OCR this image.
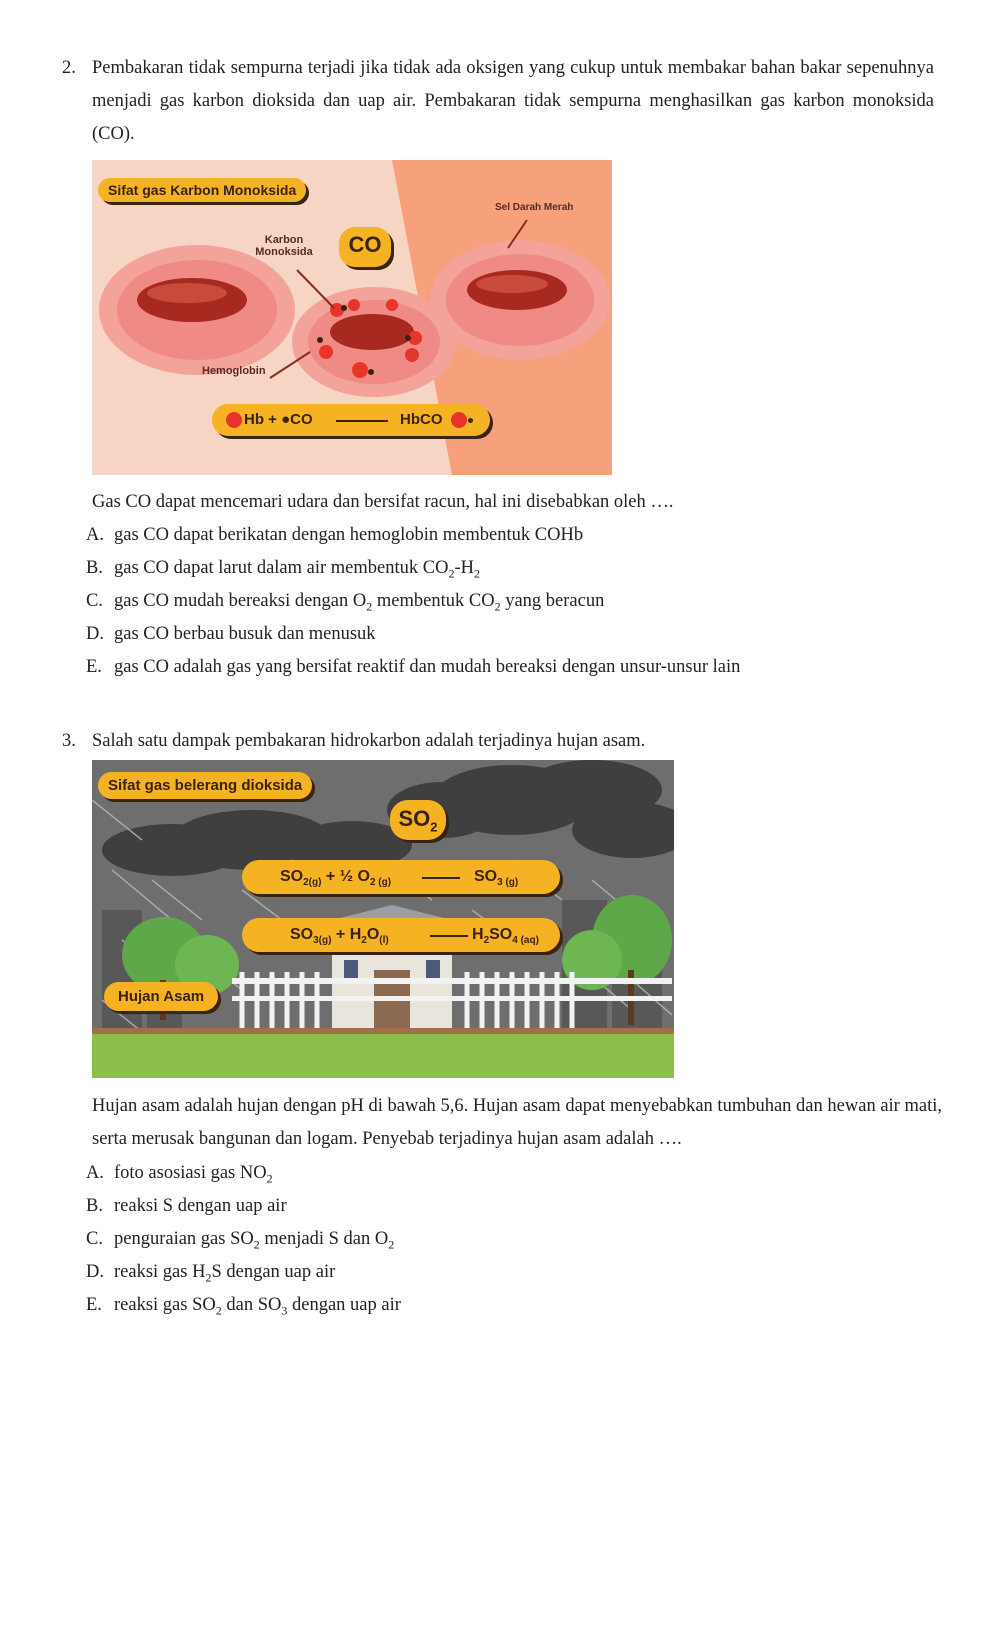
2. Pembakaran tidak sempurna terjadi jika tidak ada oksigen yang cukup untuk membakar bahan bakar sepenuhnya menjadi gas karbon dioksida dan uap air. Pembakaran tidak sempurna menghasilkan gas karbon monoksida (CO).
Sifat gas Karbon Monoksida
Sel Darah Merah
Karbon
Monoksida	CO
Hemoglobin
Hb + ●CO	HbCO
Gas CO dapat mencemari udara dan bersifat racun, hal ini disebabkan oleh ….
A. gas CO dapat berikatan dengan hemoglobin membentuk COHb
B. gas CO dapat larut dalam air membentuk $CO_2-H_2$
C. gas CO mudah bereaksi dengan $O_2$ membentuk $CO_2$ yang beracun
D. gas CO berbau busuk dan menusuk
E. gas CO adalah gas yang bersifat reaktif dan mudah bereaksi dengan unsur-unsur lain
3. Salah satu dampak pembakaran hidrokarbon adalah terjadinya hujan asam.
Sifat gas belerang dioksida
$SO_2$
$SO_{2(g)}$ + ½ $O_{2 (g)}$	$SO_{3 (g)}$
$SO_{3(g)} + H_2O_{(l)}$	$H_2SO_{4 (aq)}$
Hujan Asam
Hujan asam adalah hujan dengan pH di bawah 5,6. Hujan asam dapat menyebabkan tumbuhan dan hewan air mati, serta merusak bangunan dan logam. Penyebab terjadinya hujan asam adalah ….
A. foto asosiasi gas $NO_2$
B. reaksi S dengan uap air
C. penguraian gas $SO_2$ menjadi S dan $O_2$
D. reaksi gas $H_2S$ dengan uap air
E. reaksi gas $SO_2$ dan $SO_3$ dengan uap air
